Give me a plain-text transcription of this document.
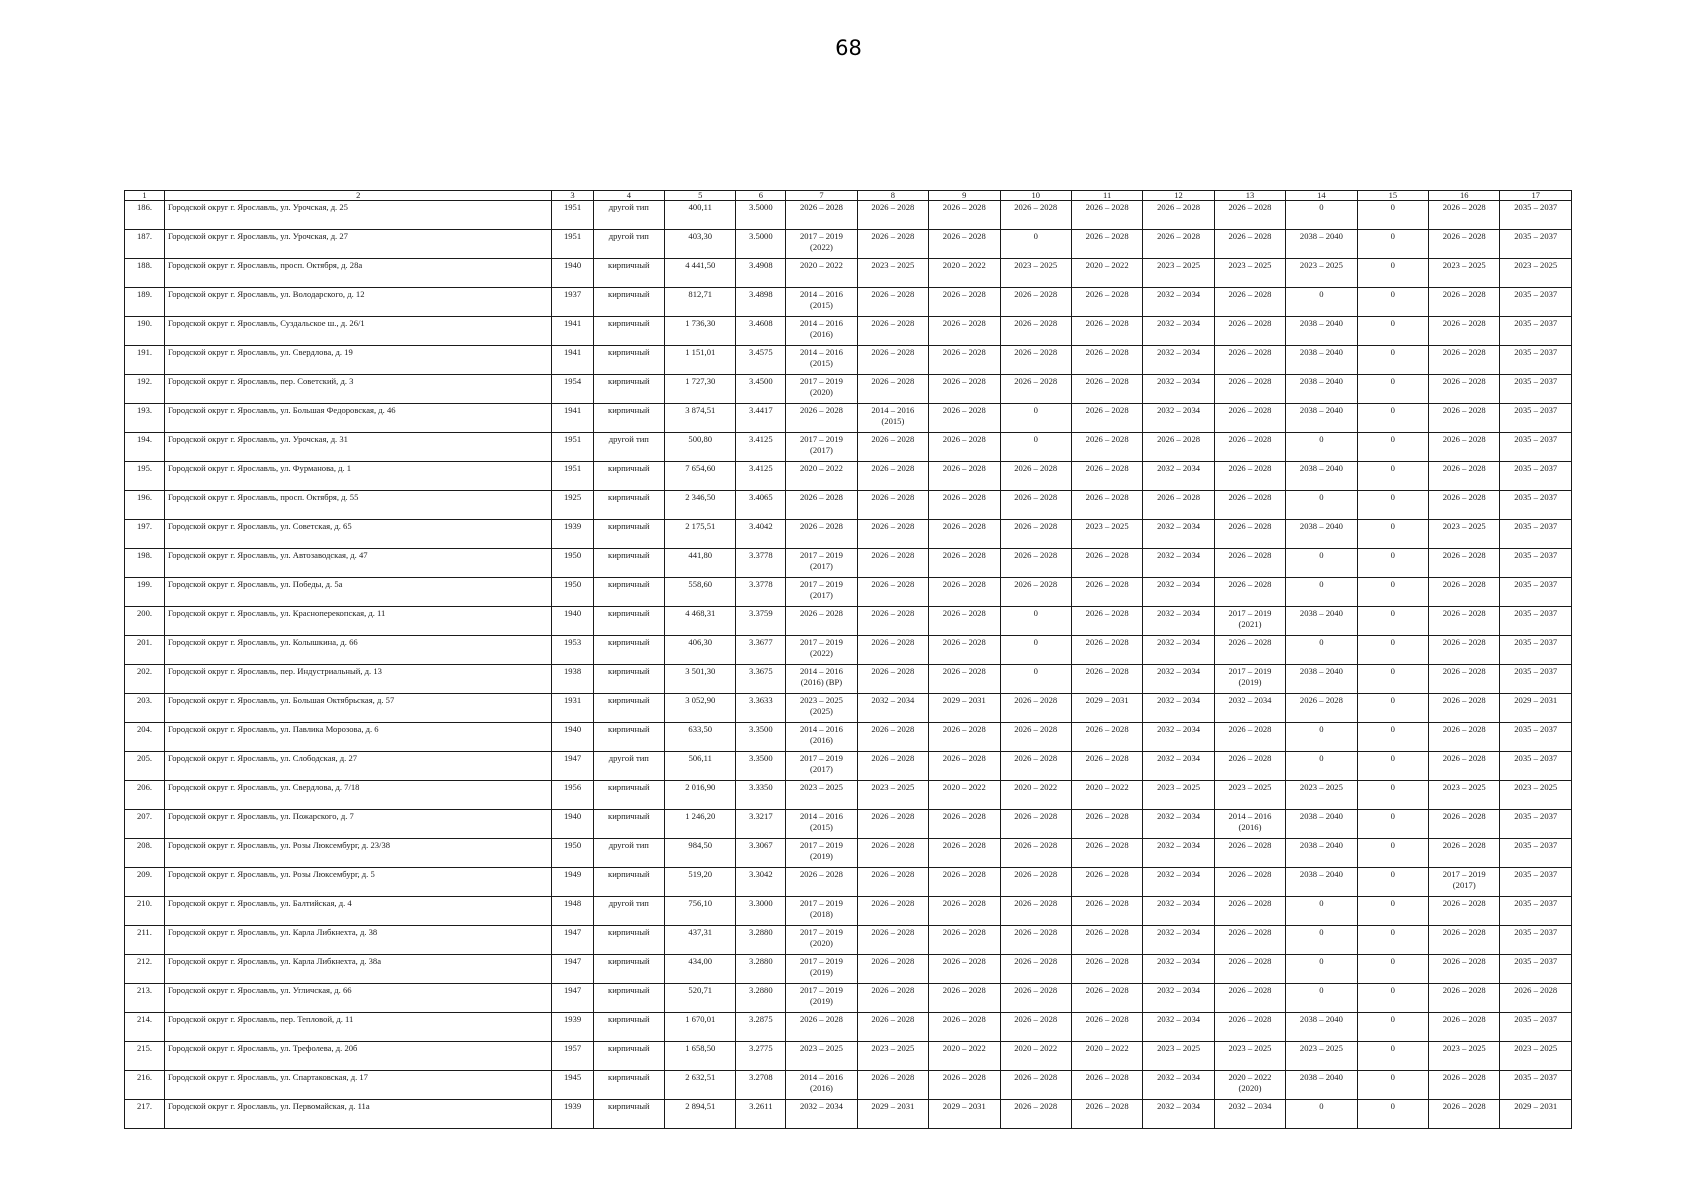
68
1	2	3	4	5	6	7	8	9	10	11	12	13	14	15	16	17
186.	Городской округ г. Ярославль, ул. Урочская, д. 25	1951	другой тип	400,11	3.5000	2026 – 2028	2026 – 2028	2026 – 2028	2026 – 2028	2026 – 2028	2026 – 2028	2026 – 2028	0	0	2026 – 2028	2035 – 2037
187.	Городской округ г. Ярославль, ул. Урочская, д. 27	1951	другой тип	403,30	3.5000	2017 – 2019 (2022)	2026 – 2028	2026 – 2028	0	2026 – 2028	2026 – 2028	2026 – 2028	2038 – 2040	0	2026 – 2028	2035 – 2037
188.	Городской округ г. Ярославль, просп. Октября, д. 28а	1940	кирпичный	4 441,50	3.4908	2020 – 2022	2023 – 2025	2020 – 2022	2023 – 2025	2020 – 2022	2023 – 2025	2023 – 2025	2023 – 2025	0	2023 – 2025	2023 – 2025
189.	Городской округ г. Ярославль, ул. Володарского, д. 12	1937	кирпичный	812,71	3.4898	2014 – 2016 (2015)	2026 – 2028	2026 – 2028	2026 – 2028	2026 – 2028	2032 – 2034	2026 – 2028	0	0	2026 – 2028	2035 – 2037
190.	Городской округ г. Ярославль, Суздальское ш., д. 26/1	1941	кирпичный	1 736,30	3.4608	2014 – 2016 (2016)	2026 – 2028	2026 – 2028	2026 – 2028	2026 – 2028	2032 – 2034	2026 – 2028	2038 – 2040	0	2026 – 2028	2035 – 2037
191.	Городской округ г. Ярославль, ул. Свердлова, д. 19	1941	кирпичный	1 151,01	3.4575	2014 – 2016 (2015)	2026 – 2028	2026 – 2028	2026 – 2028	2026 – 2028	2032 – 2034	2026 – 2028	2038 – 2040	0	2026 – 2028	2035 – 2037
192.	Городской округ г. Ярославль, пер. Советский, д. 3	1954	кирпичный	1 727,30	3.4500	2017 – 2019 (2020)	2026 – 2028	2026 – 2028	2026 – 2028	2026 – 2028	2032 – 2034	2026 – 2028	2038 – 2040	0	2026 – 2028	2035 – 2037
193.	Городской округ г. Ярославль, ул. Большая Федоровская, д. 46	1941	кирпичный	3 874,51	3.4417	2026 – 2028	2014 – 2016 (2015)	2026 – 2028	0	2026 – 2028	2032 – 2034	2026 – 2028	2038 – 2040	0	2026 – 2028	2035 – 2037
194.	Городской округ г. Ярославль, ул. Урочская, д. 31	1951	другой тип	500,80	3.4125	2017 – 2019 (2017)	2026 – 2028	2026 – 2028	0	2026 – 2028	2026 – 2028	2026 – 2028	0	0	2026 – 2028	2035 – 2037
195.	Городской округ г. Ярославль, ул. Фурманова, д. 1	1951	кирпичный	7 654,60	3.4125	2020 – 2022	2026 – 2028	2026 – 2028	2026 – 2028	2026 – 2028	2032 – 2034	2026 – 2028	2038 – 2040	0	2026 – 2028	2035 – 2037
196.	Городской округ г. Ярославль, просп. Октября, д. 55	1925	кирпичный	2 346,50	3.4065	2026 – 2028	2026 – 2028	2026 – 2028	2026 – 2028	2026 – 2028	2026 – 2028	2026 – 2028	0	0	2026 – 2028	2035 – 2037
197.	Городской округ г. Ярославль, ул. Советская, д. 65	1939	кирпичный	2 175,51	3.4042	2026 – 2028	2026 – 2028	2026 – 2028	2026 – 2028	2023 – 2025	2032 – 2034	2026 – 2028	2038 – 2040	0	2023 – 2025	2035 – 2037
198.	Городской округ г. Ярославль, ул. Автозаводская, д. 47	1950	кирпичный	441,80	3.3778	2017 – 2019 (2017)	2026 – 2028	2026 – 2028	2026 – 2028	2026 – 2028	2032 – 2034	2026 – 2028	0	0	2026 – 2028	2035 – 2037
199.	Городской округ г. Ярославль, ул. Победы, д. 5а	1950	кирпичный	558,60	3.3778	2017 – 2019 (2017)	2026 – 2028	2026 – 2028	2026 – 2028	2026 – 2028	2032 – 2034	2026 – 2028	0	0	2026 – 2028	2035 – 2037
200.	Городской округ г. Ярославль, ул. Красноперекопская, д. 11	1940	кирпичный	4 468,31	3.3759	2026 – 2028	2026 – 2028	2026 – 2028	0	2026 – 2028	2032 – 2034	2017 – 2019 (2021)	2038 – 2040	0	2026 – 2028	2035 – 2037
201.	Городской округ г. Ярославль, ул. Колышкина, д. 66	1953	кирпичный	406,30	3.3677	2017 – 2019 (2022)	2026 – 2028	2026 – 2028	0	2026 – 2028	2032 – 2034	2026 – 2028	0	0	2026 – 2028	2035 – 2037
202.	Городской округ г. Ярославль, пер. Индустриальный, д. 13	1938	кирпичный	3 501,30	3.3675	2014 – 2016 (2016) (ВР)	2026 – 2028	2026 – 2028	0	2026 – 2028	2032 – 2034	2017 – 2019 (2019)	2038 – 2040	0	2026 – 2028	2035 – 2037
203.	Городской округ г. Ярославль, ул. Большая Октябрьская, д. 57	1931	кирпичный	3 052,90	3.3633	2023 – 2025 (2025)	2032 – 2034	2029 – 2031	2026 – 2028	2029 – 2031	2032 – 2034	2032 – 2034	2026 – 2028	0	2026 – 2028	2029 – 2031
204.	Городской округ г. Ярославль, ул. Павлика Морозова, д. 6	1940	кирпичный	633,50	3.3500	2014 – 2016 (2016)	2026 – 2028	2026 – 2028	2026 – 2028	2026 – 2028	2032 – 2034	2026 – 2028	0	0	2026 – 2028	2035 – 2037
205.	Городской округ г. Ярославль, ул. Слободская, д. 27	1947	другой тип	506,11	3.3500	2017 – 2019 (2017)	2026 – 2028	2026 – 2028	2026 – 2028	2026 – 2028	2032 – 2034	2026 – 2028	0	0	2026 – 2028	2035 – 2037
206.	Городской округ г. Ярославль, ул. Свердлова, д. 7/18	1956	кирпичный	2 016,90	3.3350	2023 – 2025	2023 – 2025	2020 – 2022	2020 – 2022	2020 – 2022	2023 – 2025	2023 – 2025	2023 – 2025	0	2023 – 2025	2023 – 2025
207.	Городской округ г. Ярославль, ул. Пожарского, д. 7	1940	кирпичный	1 246,20	3.3217	2014 – 2016 (2015)	2026 – 2028	2026 – 2028	2026 – 2028	2026 – 2028	2032 – 2034	2014 – 2016 (2016)	2038 – 2040	0	2026 – 2028	2035 – 2037
208.	Городской округ г. Ярославль, ул. Розы Люксембург, д. 23/38	1950	другой тип	984,50	3.3067	2017 – 2019 (2019)	2026 – 2028	2026 – 2028	2026 – 2028	2026 – 2028	2032 – 2034	2026 – 2028	2038 – 2040	0	2026 – 2028	2035 – 2037
209.	Городской округ г. Ярославль, ул. Розы Люксембург, д. 5	1949	кирпичный	519,20	3.3042	2026 – 2028	2026 – 2028	2026 – 2028	2026 – 2028	2026 – 2028	2032 – 2034	2026 – 2028	2038 – 2040	0	2017 – 2019 (2017)	2035 – 2037
210.	Городской округ г. Ярославль, ул. Балтийская, д. 4	1948	другой тип	756,10	3.3000	2017 – 2019 (2018)	2026 – 2028	2026 – 2028	2026 – 2028	2026 – 2028	2032 – 2034	2026 – 2028	0	0	2026 – 2028	2035 – 2037
211.	Городской округ г. Ярославль, ул. Карла Либкнехта, д. 38	1947	кирпичный	437,31	3.2880	2017 – 2019 (2020)	2026 – 2028	2026 – 2028	2026 – 2028	2026 – 2028	2032 – 2034	2026 – 2028	0	0	2026 – 2028	2035 – 2037
212.	Городской округ г. Ярославль, ул. Карла Либкнехта, д. 38а	1947	кирпичный	434,00	3.2880	2017 – 2019 (2019)	2026 – 2028	2026 – 2028	2026 – 2028	2026 – 2028	2032 – 2034	2026 – 2028	0	0	2026 – 2028	2035 – 2037
213.	Городской округ г. Ярославль, ул. Угличская, д. 66	1947	кирпичный	520,71	3.2880	2017 – 2019 (2019)	2026 – 2028	2026 – 2028	2026 – 2028	2026 – 2028	2032 – 2034	2026 – 2028	0	0	2026 – 2028	2026 – 2028
214.	Городской округ г. Ярославль, пер. Тепловой, д. 11	1939	кирпичный	1 670,01	3.2875	2026 – 2028	2026 – 2028	2026 – 2028	2026 – 2028	2026 – 2028	2032 – 2034	2026 – 2028	2038 – 2040	0	2026 – 2028	2035 – 2037
215.	Городской округ г. Ярославль, ул. Трефолева, д. 20б	1957	кирпичный	1 658,50	3.2775	2023 – 2025	2023 – 2025	2020 – 2022	2020 – 2022	2020 – 2022	2023 – 2025	2023 – 2025	2023 – 2025	0	2023 – 2025	2023 – 2025
216.	Городской округ г. Ярославль, ул. Спартаковская, д. 17	1945	кирпичный	2 632,51	3.2708	2014 – 2016 (2016)	2026 – 2028	2026 – 2028	2026 – 2028	2026 – 2028	2032 – 2034	2020 – 2022 (2020)	2038 – 2040	0	2026 – 2028	2035 – 2037
217.	Городской округ г. Ярославль, ул. Первомайская, д. 11а	1939	кирпичный	2 894,51	3.2611	2032 – 2034	2029 – 2031	2029 – 2031	2026 – 2028	2026 – 2028	2032 – 2034	2032 – 2034	0	0	2026 – 2028	2029 – 2031
